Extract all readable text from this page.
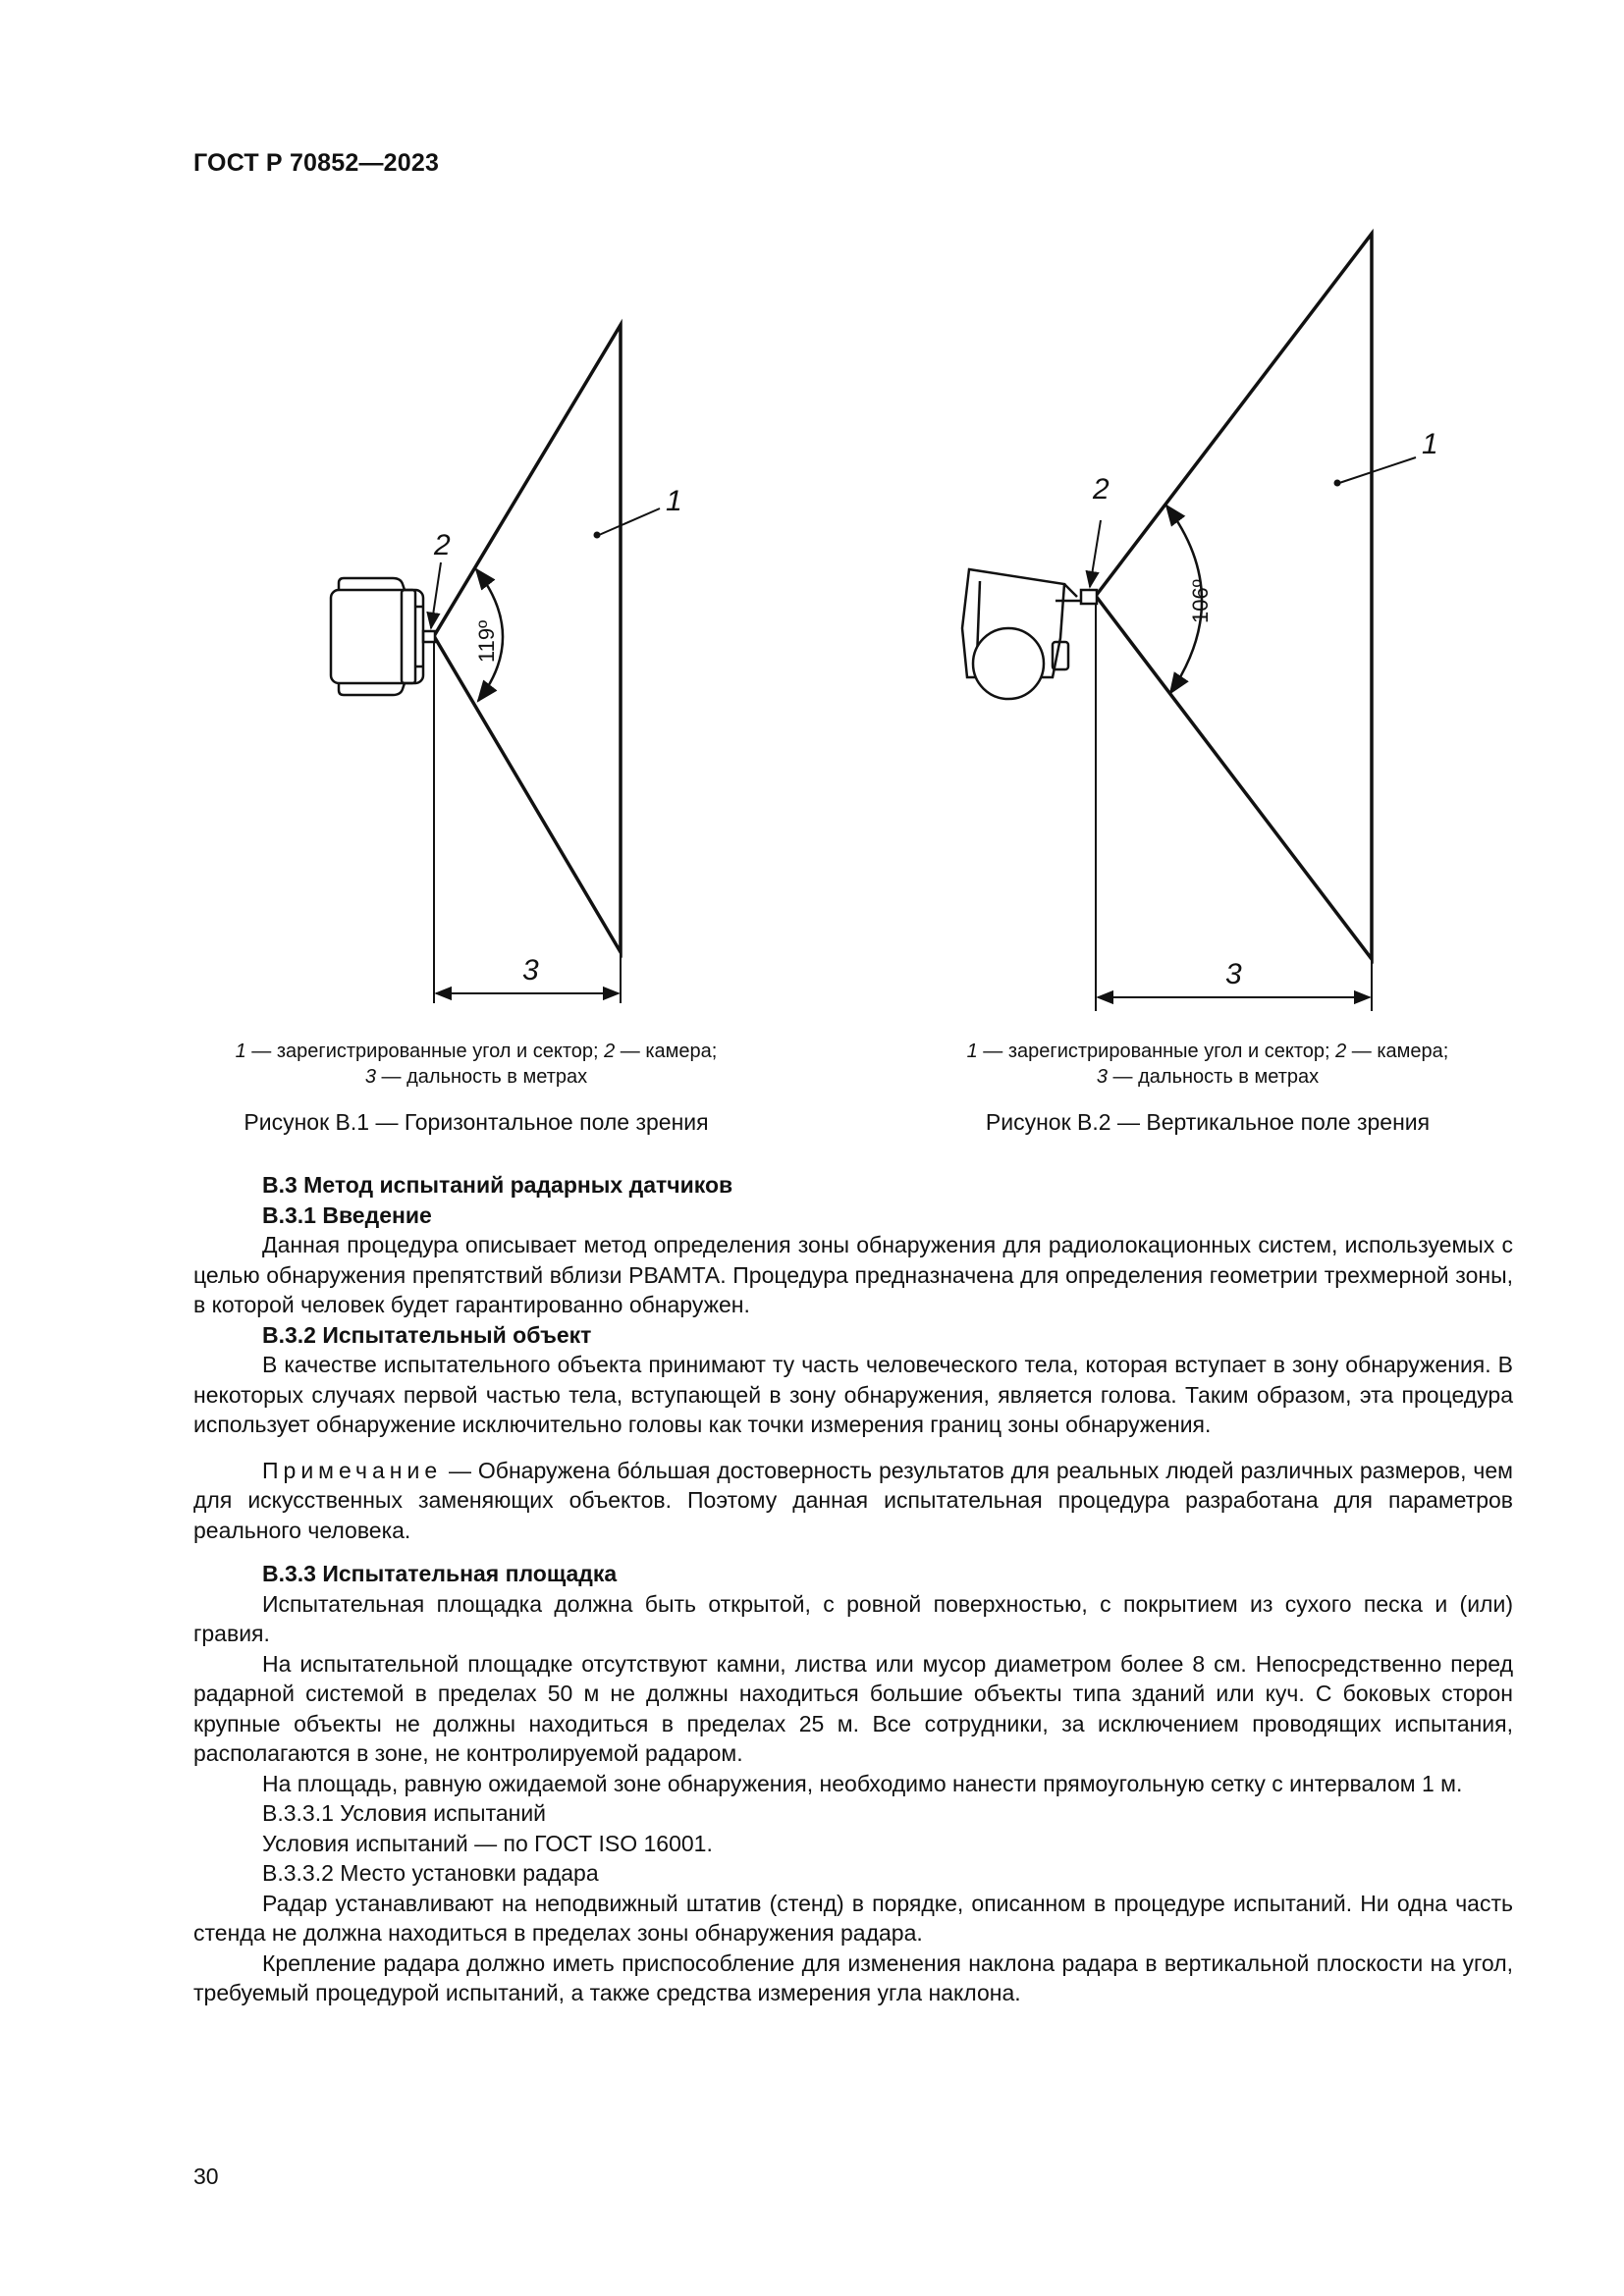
ГОСТ Р 70852—2023
1
2
3
119º
1
2
3
106º
1 — зарегистрированные угол и сектор; 2 — камера;
3 — дальность в метрах
Рисунок В.1 — Горизонтальное поле зрения
1 — зарегистрированные угол и сектор; 2 — камера;
3 — дальность в метрах
Рисунок В.2 — Вертикальное поле зрения

В.3 Метод испытаний радарных датчиков

В.3.1 Введение

Данная процедура описывает метод определения зоны обнаружения для радиолокационных систем, используемых с целью обнаружения препятствий вблизи РВАМТА. Процедура предназначена для определения геометрии трехмерной зоны, в которой человек будет гарантированно обнаружен.

В.3.2 Испытательный объект

В качестве испытательного объекта принимают ту часть человеческого тела, которая вступает в зону обнаружения. В некоторых случаях первой частью тела, вступающей в зону обнаружения, является голова. Таким образом, эта процедура использует обнаружение исключительно головы как точки измерения границ зоны обнаружения.

Примечание — Обнаружена бо́льшая достоверность результатов для реальных людей различных размеров, чем для искусственных заменяющих объектов. Поэтому данная испытательная процедура разработана для параметров реального человека.

В.3.3 Испытательная площадка

Испытательная площадка должна быть открытой, с ровной поверхностью, с покрытием из сухого песка и (или) гравия.

На испытательной площадке отсутствуют камни, листва или мусор диаметром более 8 см. Непосредственно перед радарной системой в пределах 50 м не должны находиться большие объекты типа зданий или куч. С боковых сторон крупные объекты не должны находиться в пределах 25 м. Все сотрудники, за исключением проводящих испытания, располагаются в зоне, не контролируемой радаром.

На площадь, равную ожидаемой зоне обнаружения, необходимо нанести прямоугольную сетку с интервалом 1 м.

В.3.3.1 Условия испытаний

Условия испытаний — по ГОСТ ISO 16001.

В.3.3.2 Место установки радара

Радар устанавливают на неподвижный штатив (стенд) в порядке, описанном в процедуре испытаний. Ни одна часть стенда не должна находиться в пределах зоны обнаружения радара.

Крепление радара должно иметь приспособление для изменения наклона радара в вертикальной плоскости на угол, требуемый процедурой испытаний, а также средства измерения угла наклона.

30
